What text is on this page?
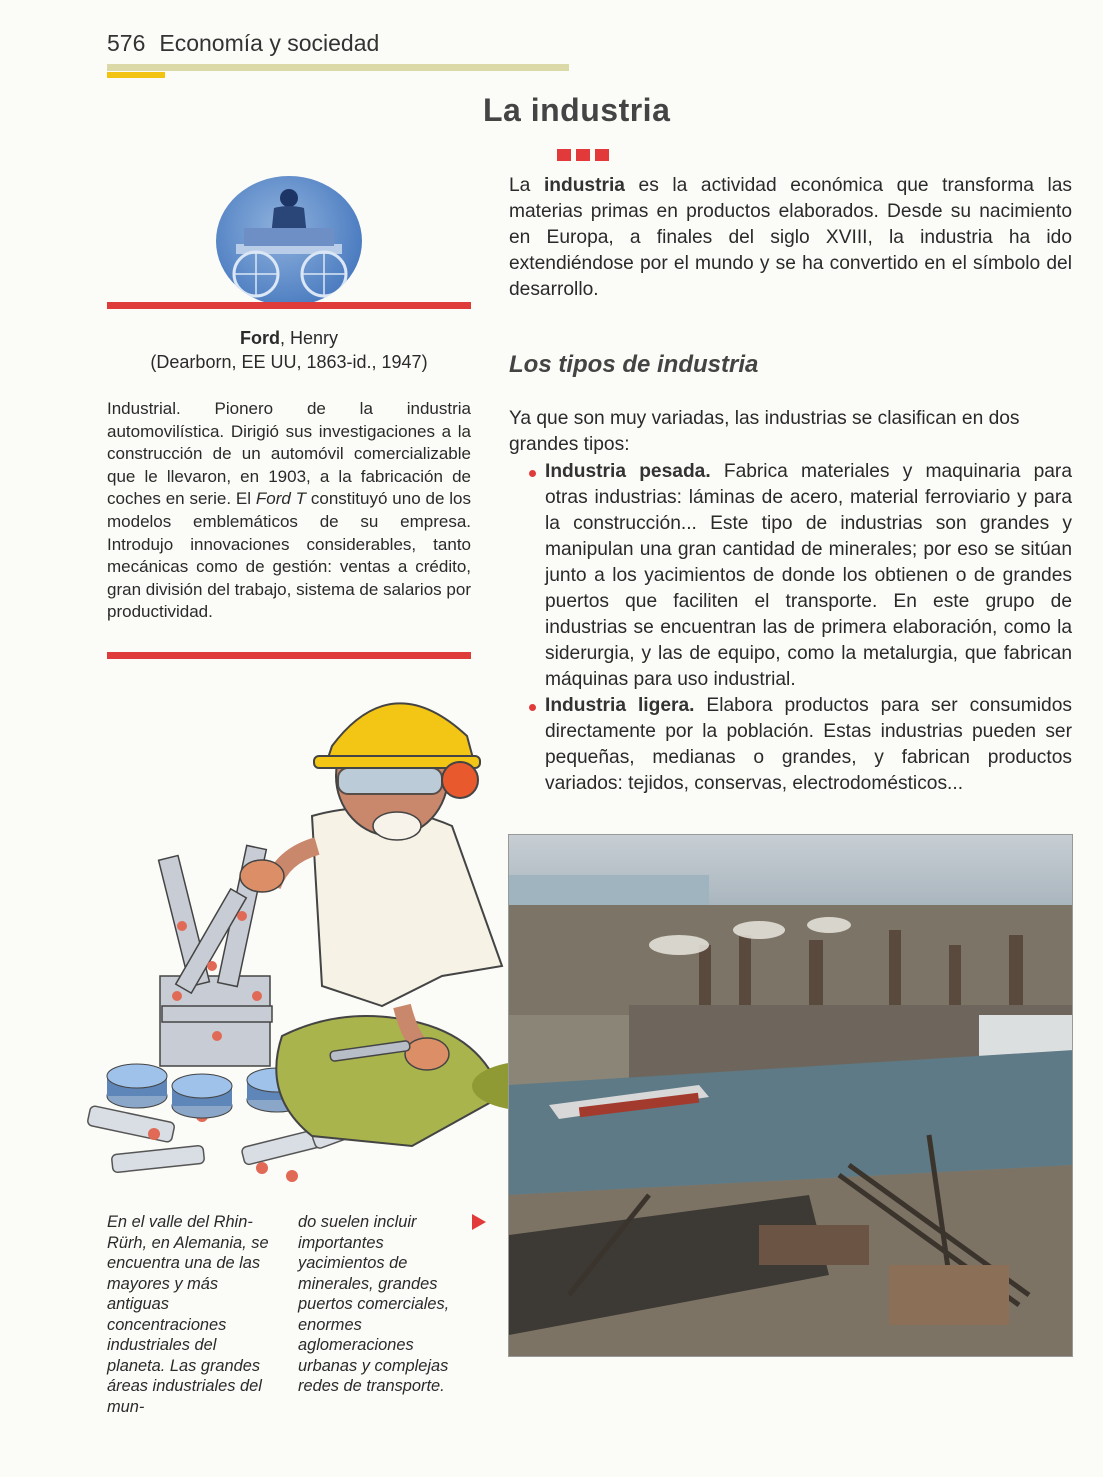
576 Economía y sociedad
La industria
La industria es la actividad económica que transforma las materias primas en productos elaborados. Desde su nacimiento en Europa, a finales del siglo XVIII, la industria ha ido extendiéndose por el mundo y se ha convertido en el símbolo del desarrollo.
Los tipos de industria
Ya que son muy variadas, las industrias se clasifican en dos grandes tipos:
Industria pesada. Fabrica materiales y maquinaria para otras industrias: láminas de acero, material ferroviario y para la construcción... Este tipo de industrias son grandes y manipulan una gran cantidad de minerales; por eso se sitúan junto a los yacimientos de donde los obtienen o de grandes puertos que faciliten el transporte. En este grupo de industrias se encuentran las de primera elaboración, como la siderurgia, y las de equipo, como la metalurgia, que fabrican máquinas para uso industrial.
Industria ligera. Elabora productos para ser consumidos directamente por la población. Estas industrias pueden ser pequeñas, medianas o grandes, y fabrican productos variados: tejidos, conservas, electrodomésticos...
Ford, Henry
(Dearborn, EE UU, 1863-id., 1947)
Industrial. Pionero de la industria automovilística. Dirigió sus investigaciones a la construcción de un automóvil comercializable que le llevaron, en 1903, a la fabricación de coches en serie. El Ford T constituyó uno de los modelos emblemáticos de su empresa. Introdujo innovaciones considerables, tanto mecánicas como de gestión: ventas a crédito, gran división del trabajo, sistema de salarios por productividad.
En el valle del Rhin-Rürh, en Alemania, se encuentra una de las mayores y más antiguas concentraciones industriales del planeta. Las grandes áreas industriales del mun-
do suelen incluir importantes yacimientos de minerales, grandes puertos comerciales, enormes aglomeraciones urbanas y complejas redes de transporte.
